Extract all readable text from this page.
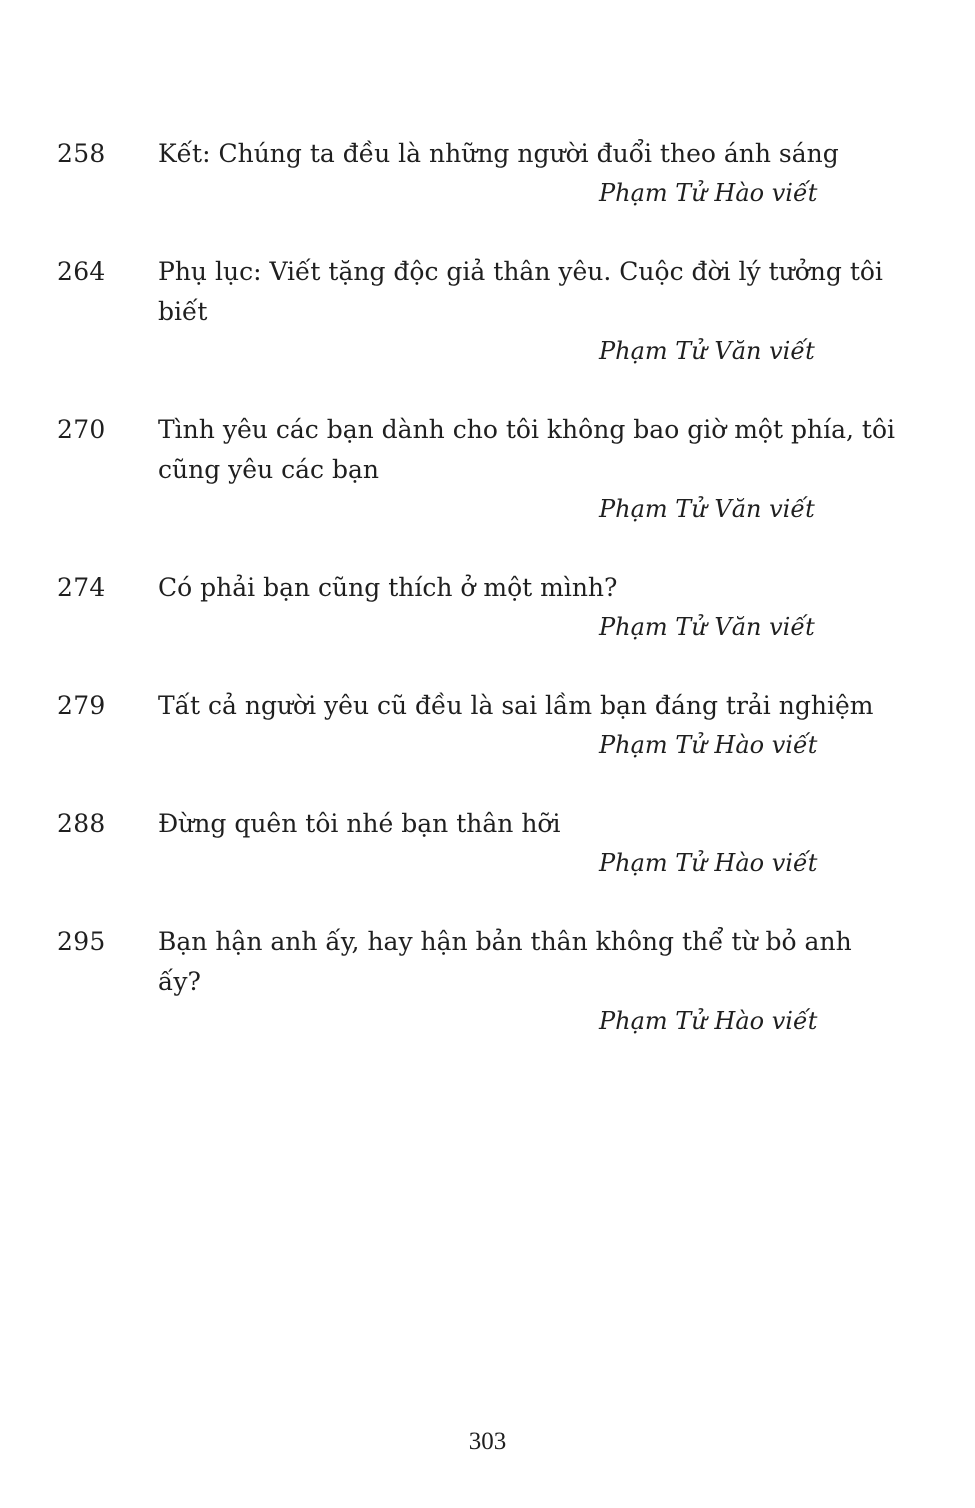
258	Kết: Chúng ta đều là những người đuổi theo ánh sáng

Phạm Tử Hào viết

264	Phụ lục: Viết tặng độc giả thân yêu. Cuộc đời lý tưởng tôi biết

Phạm Tử Văn viết

270	Tình yêu các bạn dành cho tôi không bao giờ một phía, tôi cũng yêu các bạn

Phạm Tử Văn viết

274	Có phải bạn cũng thích ở một mình?

Phạm Tử Văn viết

279	Tất cả người yêu cũ đều là sai lầm bạn đáng trải nghiệm

Phạm Tử Hào viết

288	Đừng quên tôi nhé bạn thân hỡi

Phạm Tử Hào viết

295	Bạn hận anh ấy, hay hận bản thân không thể từ bỏ anh ấy?

Phạm Tử Hào viết

303
